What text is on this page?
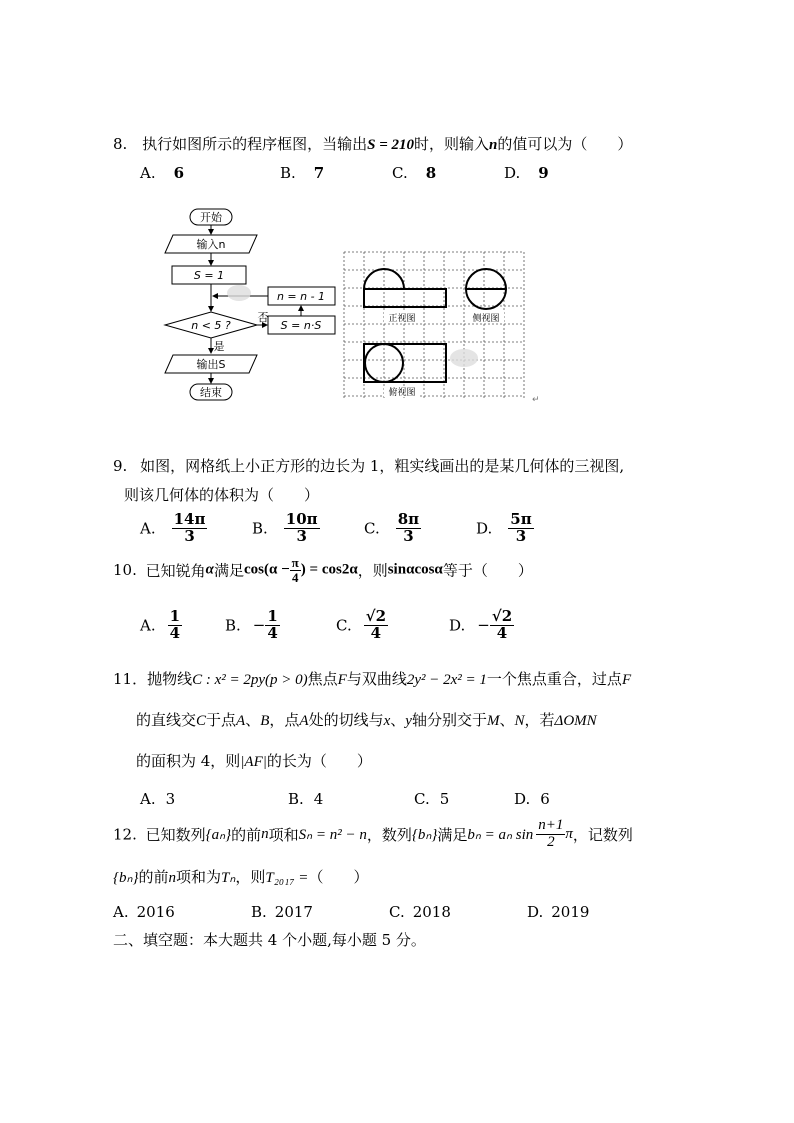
8. 执行如图所示的程序框图，当输出S = 210时，则输入n的值可以为（　　）
A. 6	B. 7	C. 8	D. 9
开始
输入n
S = 1
n < 5 ?
否
S = n·S
n = n - 1
是
输出S
结束
正视图	侧视图
俯视图
↵
9. 如图，网格纸上小正方形的边长为 1，粗实线画出的是某几何体的三视图,
则该几何体的体积为（　　）
A. $\frac{14\pi}{3}$	B. $\frac{10\pi}{3}$	C. $\frac{8\pi}{3}$	D. $\frac{5\pi}{3}$
10. 已知锐角α满足$\cos(\alpha - \frac{\pi}{4}$ ) = cos2α，则sinαcosα等于（　　）
A. $\frac{1}{4}$	B. − $\frac{1}{4}$	C. $\frac{√2}{4}$	D. − $\frac{√2}{4}$
11．抛物线C : x² = 2py(p > 0)焦点F与双曲线2y² − 2x² = 1一个焦点重合，过点F
的直线交C于点A、B，点A处的切线与x、y轴分别交于M、N，若ΔOMN
的面积为 4，则|AF|的长为（　　）
A. 3	B. 4	C. 5	D. 6
12. 已知数列{aₙ}的前n项和Sₙ = n² − n，数列{bₙ}满足bₙ = aₙ $\sin \frac{n+1}{2}$ π，记数列
{bₙ}的前n项和为Tₙ，则T₂₀₁₇ =（　　）
A. 2016	B. 2017	C. 2018	D. 2019
二、填空题：本大题共 4 个小题,每小题 5 分。
